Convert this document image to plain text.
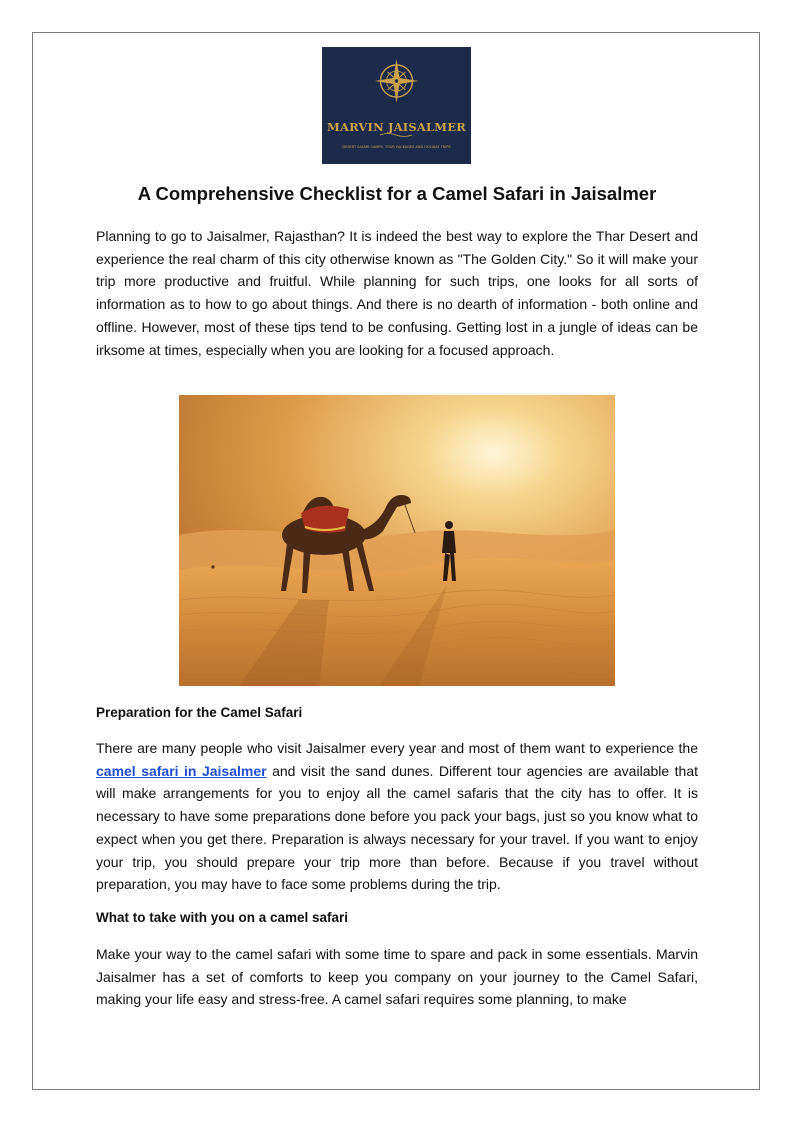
MARVIN JAISALMER
DESERT SAFARI CAMPS, TOUR PACKAGES AND HOLIDAY TRIPS
A Comprehensive Checklist for a Camel Safari in Jaisalmer

Planning to go to Jaisalmer, Rajasthan? It is indeed the best way to explore the Thar Desert and experience the real charm of this city otherwise known as "The Golden City." So it will make your trip more productive and fruitful. While planning for such trips, one looks for all sorts of information as to how to go about things. And there is no dearth of information - both online and offline. However, most of these tips tend to be confusing. Getting lost in a jungle of ideas can be irksome at times, especially when you are looking for a focused approach.

Preparation for the Camel Safari

There are many people who visit Jaisalmer every year and most of them want to experience the camel safari in Jaisalmer and visit the sand dunes. Different tour agencies are available that will make arrangements for you to enjoy all the camel safaris that the city has to offer. It is necessary to have some preparations done before you pack your bags, just so you know what to expect when you get there. Preparation is always necessary for your travel. If you want to enjoy your trip, you should prepare your trip more than before. Because if you travel without preparation, you may have to face some problems during the trip.

What to take with you on a camel safari

Make your way to the camel safari with some time to spare and pack in some essentials. Marvin Jaisalmer has a set of comforts to keep you company on your journey to the Camel Safari, making your life easy and stress-free. A camel safari requires some planning, to make
